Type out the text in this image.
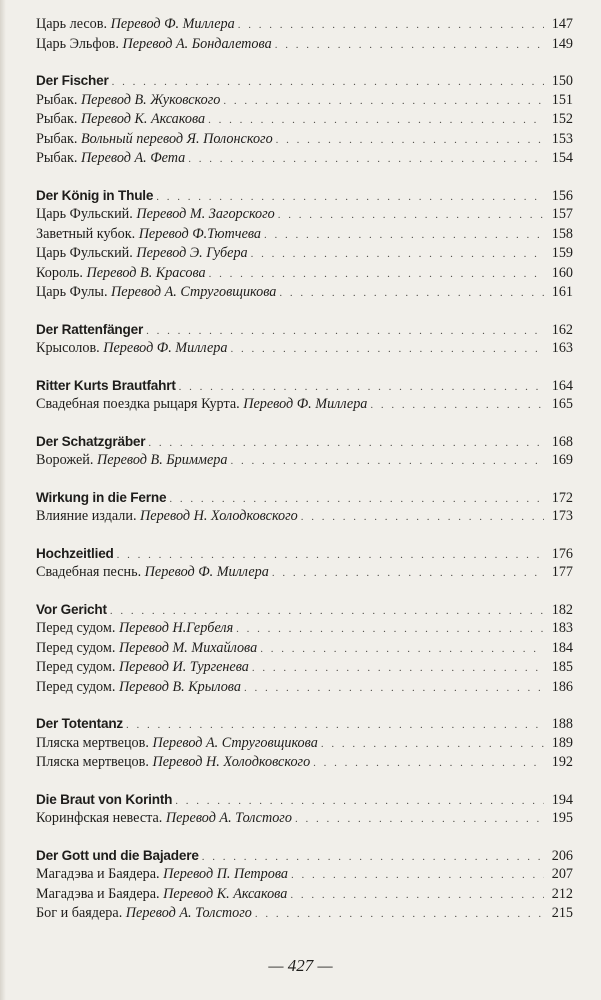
Царь лесов. Перевод Ф. Миллера . . .	147
Царь Эльфов. Перевод А. Бондалетова . . .	149
Der Fischer . . .	150
Рыбак. Перевод В. Жуковского . . .	151
Рыбак. Перевод К. Аксакова . . .	152
Рыбак. Вольный перевод Я. Полонского . . .	153
Рыбак. Перевод А. Фета . . .	154
Der König in Thule . . .	156
Царь Фульский. Перевод М. Загорского . . .	157
Заветный кубок. Перевод Ф.Тютчева . . .	158
Царь Фульский. Перевод Э. Губера . . .	159
Король. Перевод В. Красова . . .	160
Царь Фулы. Перевод А. Струговщикова . . .	161
Der Rattenfänger . . .	162
Крысолов. Перевод Ф. Миллера . . .	163
Ritter Kurts Brautfahrt . . .	164
Свадебная поездка рыцаря Курта. Перевод Ф. Миллера . . .	165
Der Schatzgräber . . .	168
Ворожей. Перевод В. Бриммера . . .	169
Wirkung in die Ferne . . .	172
Влияние издали. Перевод Н. Холодковского . . .	173
Hochzeitlied . . .	176
Свадебная песнь. Перевод Ф. Миллера . . .	177
Vor Gericht . . .	182
Перед судом. Перевод Н.Гербеля . . .	183
Перед судом. Перевод М. Михайлова . . .	184
Перед судом. Перевод И. Тургенева . . .	185
Перед судом. Перевод В. Крылова . . .	186
Der Totentanz . . .	188
Пляска мертвецов. Перевод А. Струговщикова . . .	189
Пляска мертвецов. Перевод Н. Холодковского . . .	192
Die Braut von Korinth . . .	194
Коринфская невеста. Перевод А. Толстого . . .	195
Der Gott und die Bajadere . . .	206
Магадэва и Баядера. Перевод П. Петрова . . .	207
Магадэва и Баядера. Перевод К. Аксакова . . .	212
Бог и баядера. Перевод А. Толстого . . .	215
— 427 —
